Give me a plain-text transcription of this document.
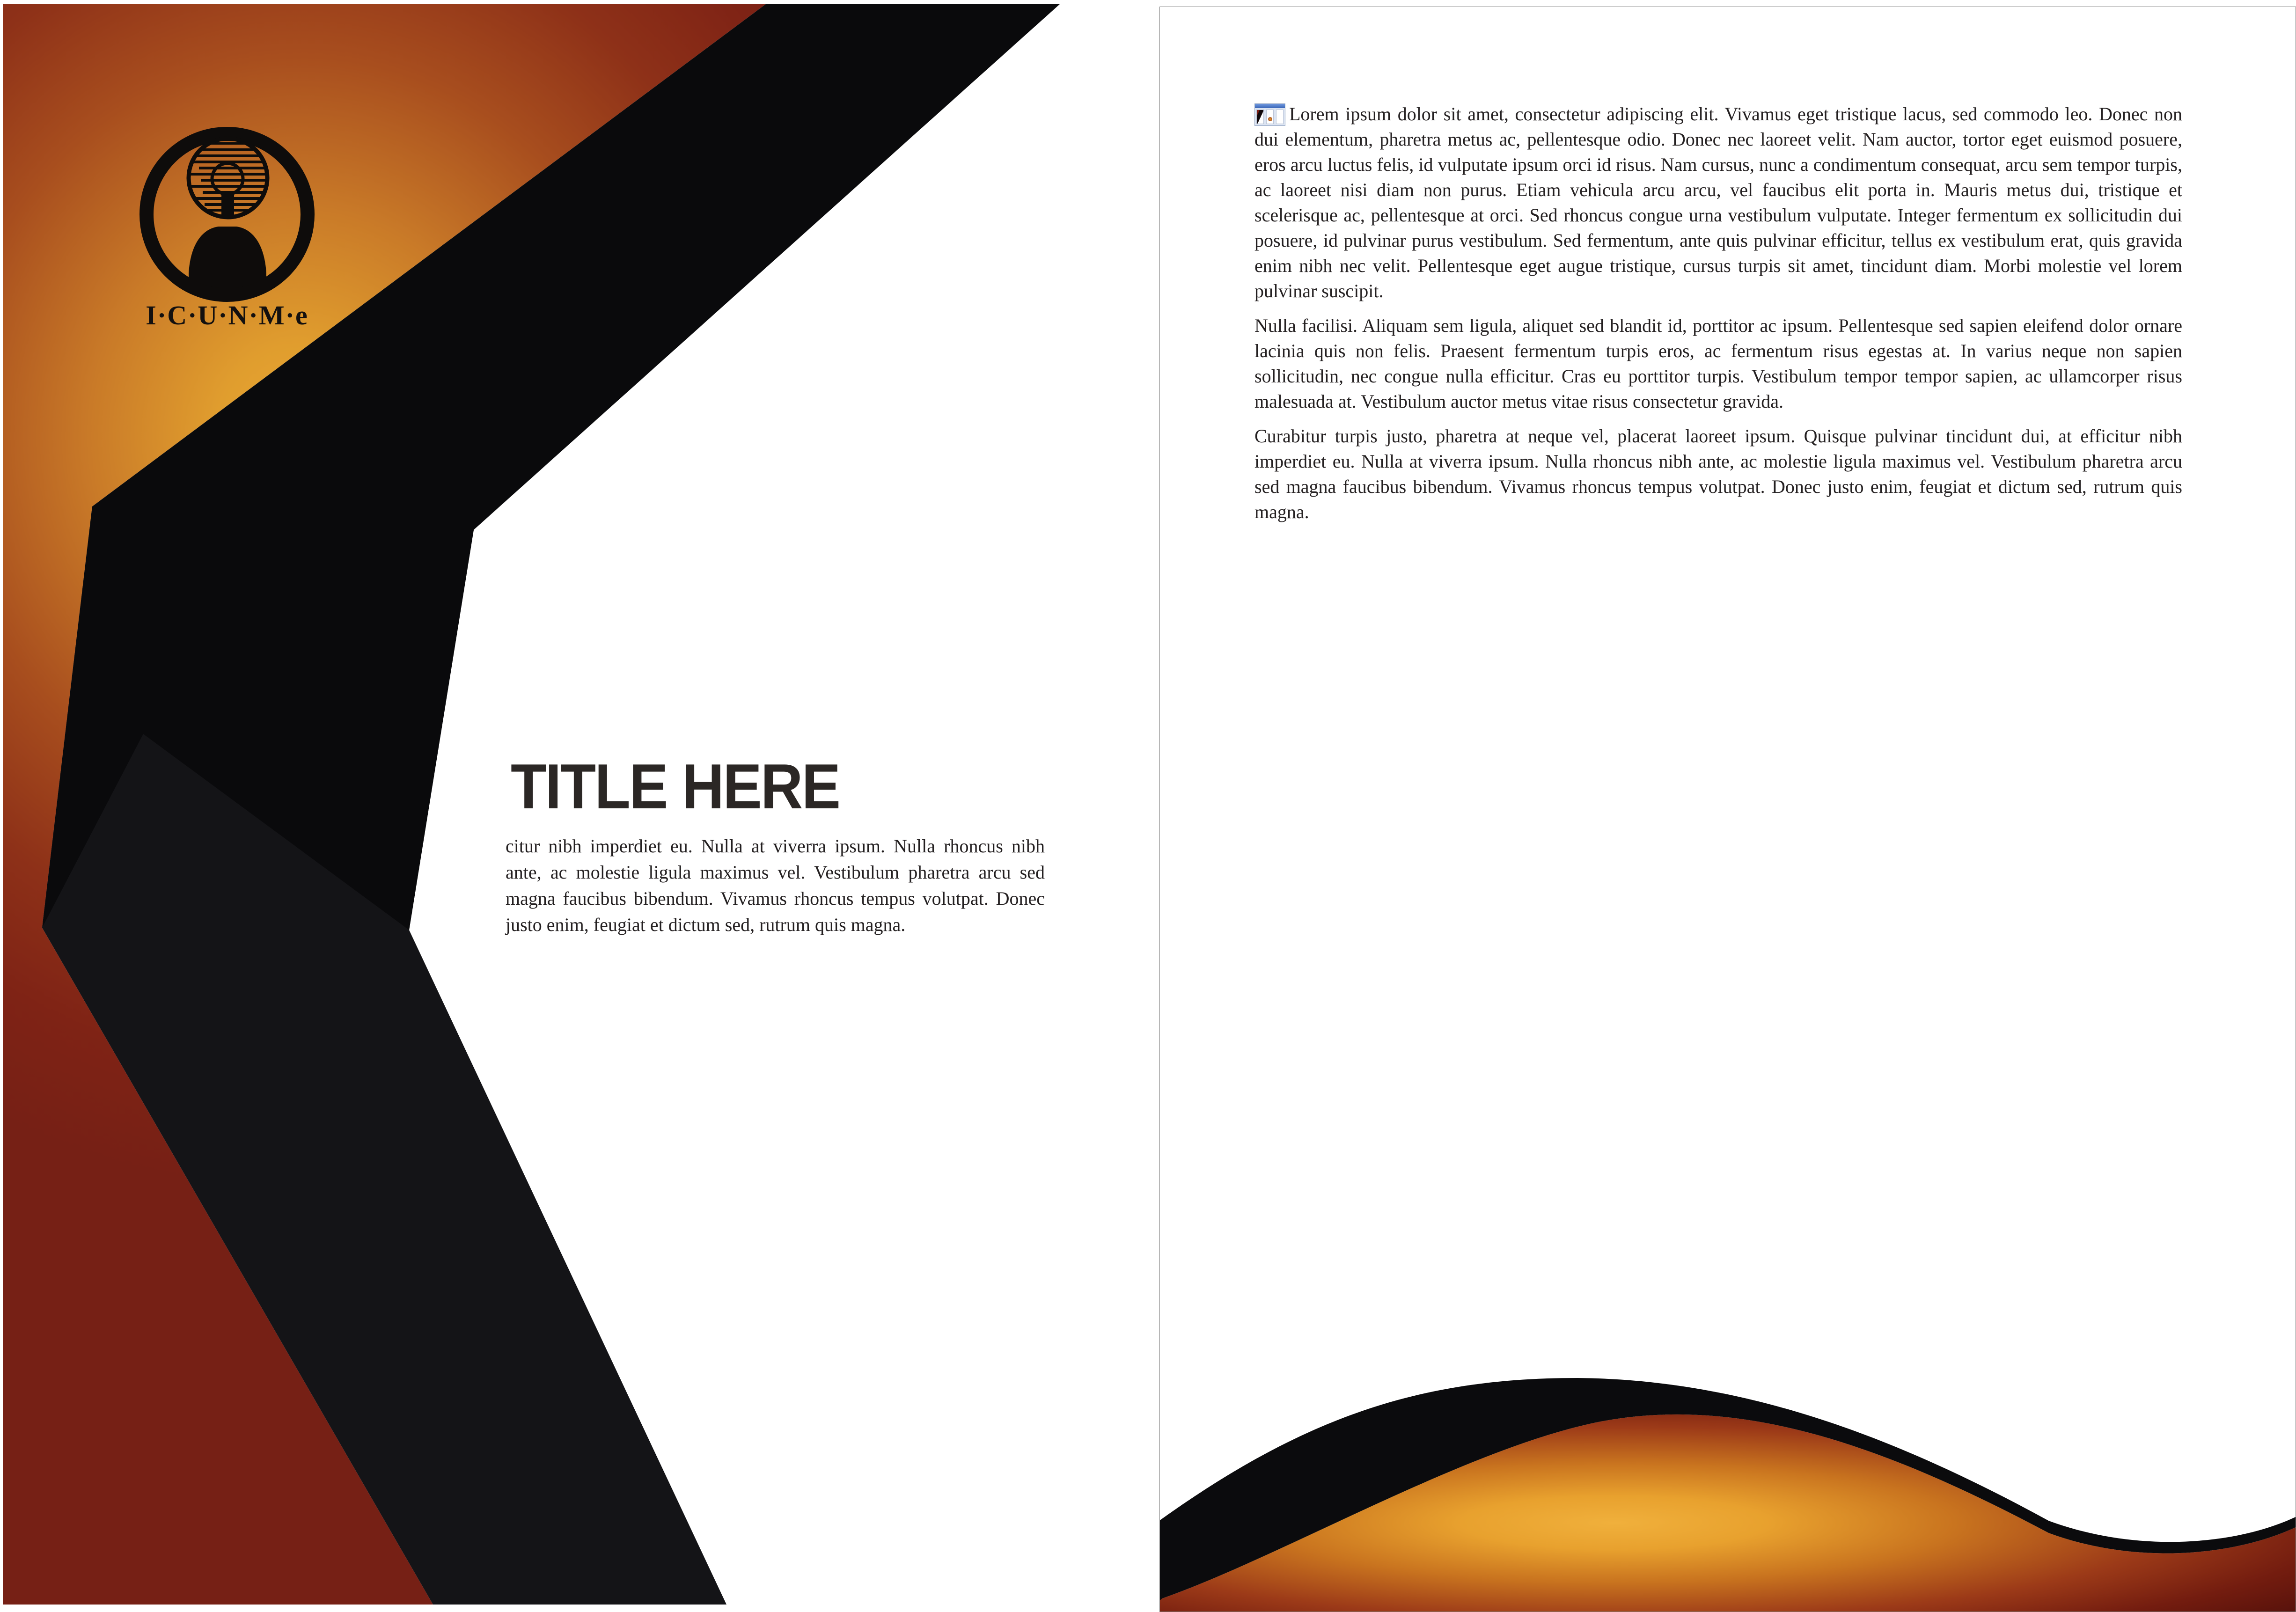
I·C·U·N·M·e
TITLE HERE
citur nibh imperdiet eu. Nulla at viverra ipsum. Nulla rhoncus nibh ante, ac molestie ligula maximus vel. Vestibulum pharetra arcu sed magna faucibus bibendum. Vivamus rhoncus tempus volutpat. Donec justo enim, feugiat et dictum sed, rutrum quis magna.

Lorem ipsum dolor sit amet, consectetur adipiscing elit. Vivamus eget tristique lacus, sed commodo leo. Donec non dui elementum, pharetra metus ac, pellentesque odio. Donec nec laoreet velit. Nam auctor, tortor eget euismod posuere, eros arcu luctus felis, id vulputate ipsum orci id risus. Nam cursus, nunc a condimentum consequat, arcu sem tempor turpis, ac laoreet nisi diam non purus. Etiam vehicula arcu arcu, vel faucibus elit porta in. Mauris metus dui, tristique et scelerisque ac, pellentesque at orci. Sed rhoncus congue urna vestibulum vulputate. Integer fermentum ex sollicitudin dui posuere, id pulvinar purus vestibulum. Sed fermentum, ante quis pulvinar efficitur, tellus ex vestibulum erat, quis gravida enim nibh nec velit. Pellentesque eget augue tristique, cursus turpis sit amet, tincidunt diam. Morbi molestie vel lorem pulvinar suscipit.

Nulla facilisi. Aliquam sem ligula, aliquet sed blandit id, porttitor ac ipsum. Pellentesque sed sapien eleifend dolor ornare lacinia quis non felis. Praesent fermentum turpis eros, ac fermentum risus egestas at. In varius neque non sapien sollicitudin, nec congue nulla efficitur. Cras eu porttitor turpis. Vestibulum tempor tempor sapien, ac ullamcorper risus malesuada at. Vestibulum auctor metus vitae risus consectetur gravida.

Curabitur turpis justo, pharetra at neque vel, placerat laoreet ipsum. Quisque pulvinar tincidunt dui, at efficitur nibh imperdiet eu. Nulla at viverra ipsum. Nulla rhoncus nibh ante, ac molestie ligula maximus vel. Vestibulum pharetra arcu sed magna faucibus bibendum. Vivamus rhoncus tempus volutpat. Donec justo enim, feugiat et dictum sed, rutrum quis magna.
